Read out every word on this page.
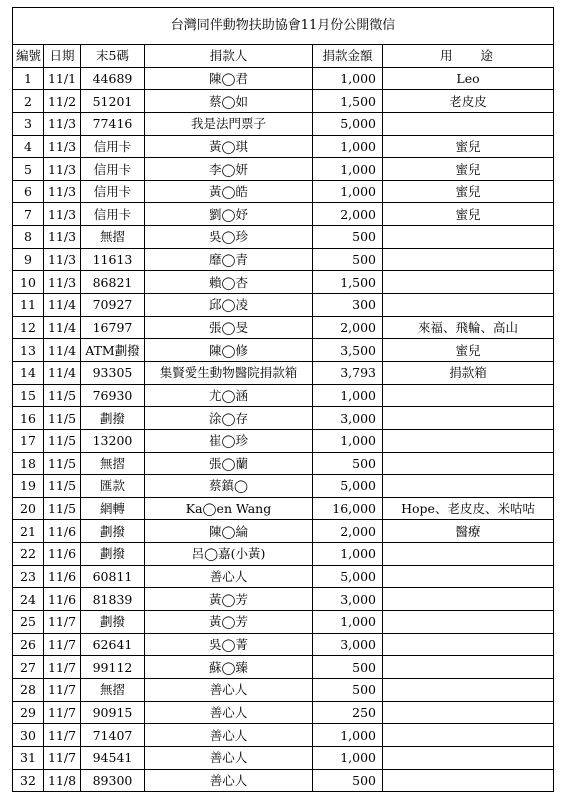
台灣同伴動物扶助協會11月份公開徵信					
編號	日期	末5碼	捐款人	捐款金額	用途
1	11/1	44689	陳◯君	1,000	Leo
2	11/2	51201	蔡◯如	1,500	老皮皮
3	11/3	77416	我是法門票子	5,000	
4	11/3	信用卡	黃◯琪	1,000	蜜兒
5	11/3	信用卡	李◯妍	1,000	蜜兒
6	11/3	信用卡	黃◯皓	1,000	蜜兒
7	11/3	信用卡	劉◯妤	2,000	蜜兒
8	11/3	無摺	吳◯珍	500	
9	11/3	11613	靡◯青	500	
10	11/3	86821	賴◯杏	1,500	
11	11/4	70927	邱◯凌	300	
12	11/4	16797	張◯旻	2,000	來福、飛輪、高山
13	11/4	ATM劃撥	陳◯修	3,500	蜜兒
14	11/4	93305	集賢愛生動物醫院捐款箱	3,793	捐款箱
15	11/5	76930	尤◯涵	1,000	
16	11/5	劃撥	涂◯存	3,000	
17	11/5	13200	崔◯珍	1,000	
18	11/5	無摺	張◯蘭	500	
19	11/5	匯款	蔡鎮◯	5,000	
20	11/5	網轉	Ka◯en Wang	16,000	Hope、老皮皮、米咕咕
21	11/6	劃撥	陳◯綸	2,000	醫療
22	11/6	劃撥	呂◯嘉(小黃)	1,000	
23	11/6	60811	善心人	5,000	
24	11/6	81839	黃◯芳	3,000	
25	11/7	劃撥	黃◯芳	1,000	
26	11/7	62641	吳◯菁	3,000	
27	11/7	99112	蘇◯臻	500	
28	11/7	無摺	善心人	500	
29	11/7	90915	善心人	250	
30	11/7	71407	善心人	1,000	
31	11/7	94541	善心人	1,000	
32	11/8	89300	善心人	500	
